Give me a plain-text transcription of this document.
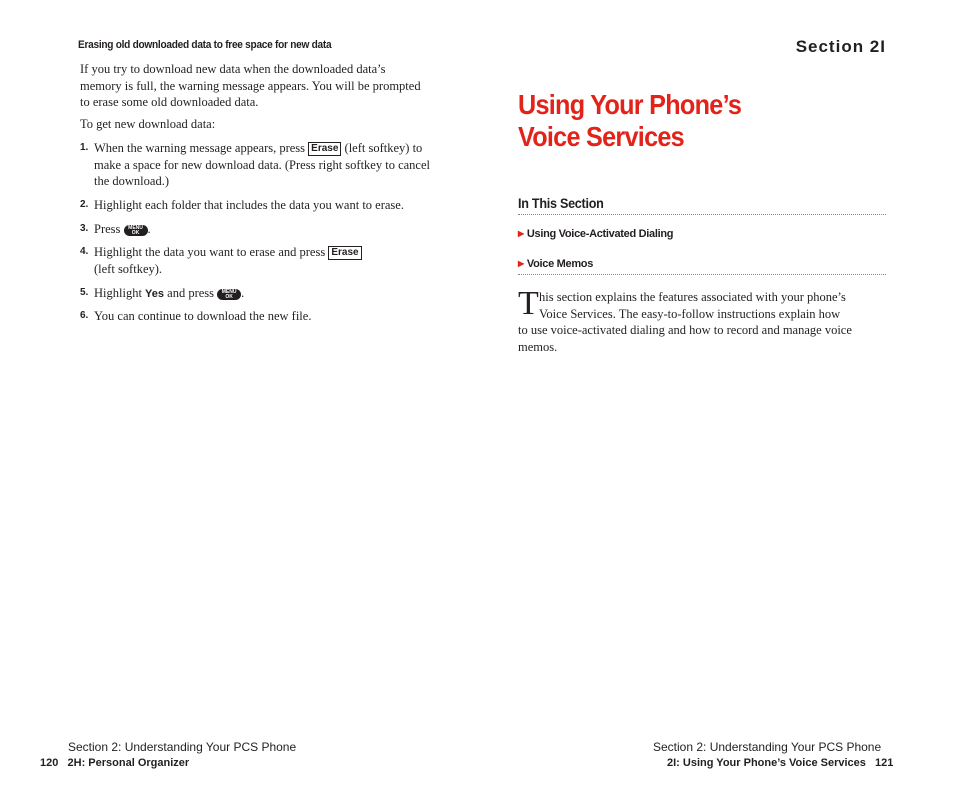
Erasing old downloaded data to free space for new data
If you try to download new data when the downloaded data’s memory is full, the warning message appears. You will be prompted to erase some old downloaded data.
To get new download data:
1. When the warning message appears, press Erase (left softkey) to make a space for new download data. (Press right softkey to cancel the download.)
2. Highlight each folder that includes the data you want to erase.
3. Press MENU
OK .
4. Highlight the data you want to erase and press Erase
(left softkey).
5. Highlight Yes and press MENU
OK .
6. You can continue to download the new file.
Section 2: Understanding Your PCS Phone
120   2H: Personal Organizer
Section 2I
Using Your Phone’s
Voice Services
In This Section
▶ Using Voice-Activated Dialing
▶ Voice Memos
T his section explains the features associated with your phone’s
Voice Services. The easy-to-follow instructions explain how
to use voice-activated dialing and how to record and manage voice memos.
Section 2: Understanding Your PCS Phone
2I: Using Your Phone’s Voice Services   121
